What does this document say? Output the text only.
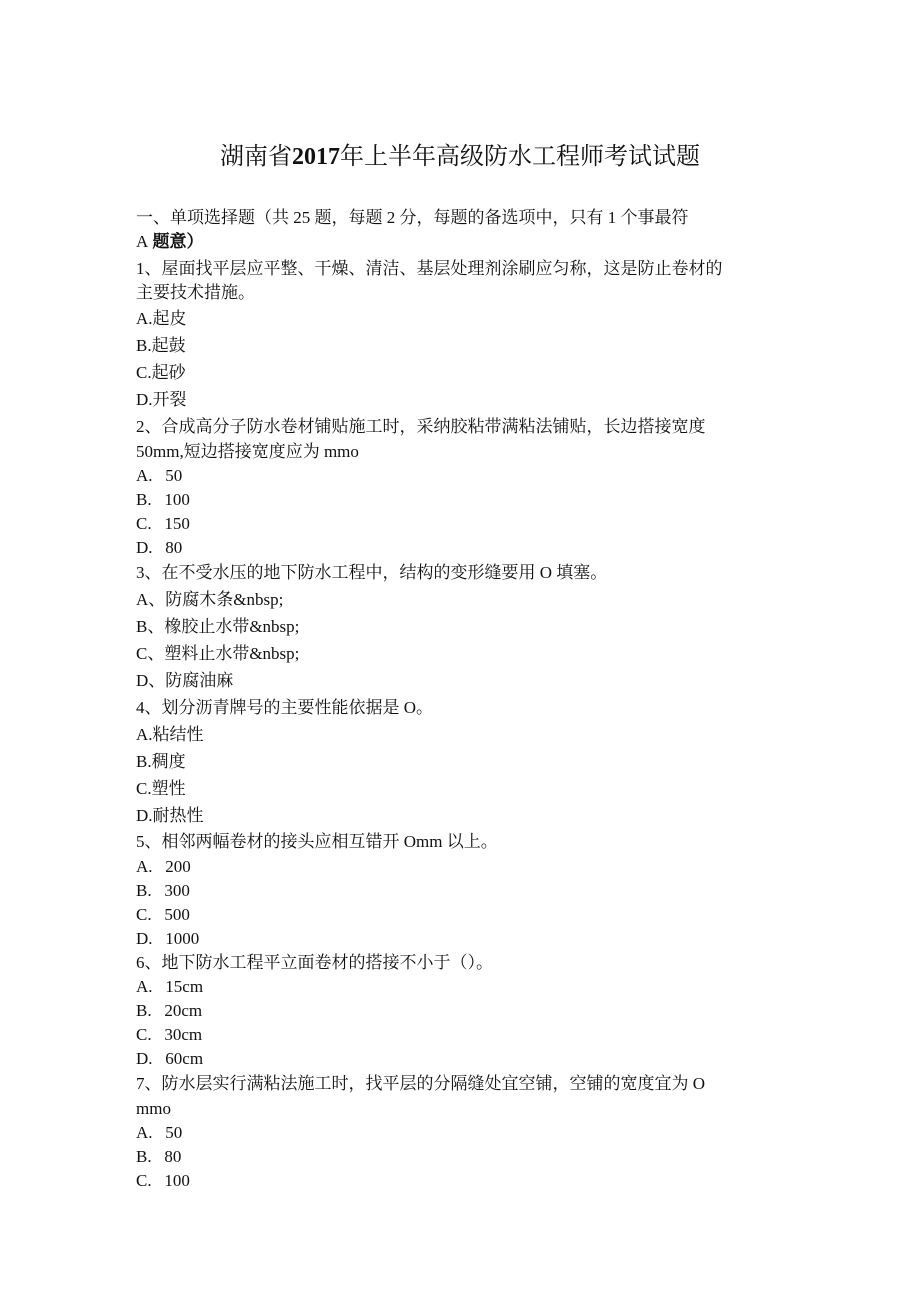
湖南省2017年上半年高级防水工程师考试试题
一、单项选择题（共 25 题，每题 2 分，每题的备选项中，只有 1 个事最符
A 题意）
1、屋面找平层应平整、干燥、清洁、基层处理剂涂刷应匀称，这是防止卷材的
主要技术措施。
A.起皮
B.起鼓
C.起砂
D.开裂
2、合成高分子防水卷材铺贴施工时，采纳胶粘带满粘法铺贴，长边搭接宽度
50mm,短边搭接宽度应为 mmo
A.   50
B.   100
C.   150
D.   80
3、在不受水压的地下防水工程中，结构的变形缝要用 O 填塞。
A、防腐木条&nbsp;
B、橡胶止水带&nbsp;
C、塑料止水带&nbsp;
D、防腐油麻
4、划分沥青牌号的主要性能依据是 O。
A.粘结性
B.稠度
C.塑性
D.耐热性
5、相邻两幅卷材的接头应相互错开 Omm 以上。
A.   200
B.   300
C.   500
D.   1000
6、地下防水工程平立面卷材的搭接不小于（）。
A.   15cm
B.   20cm
C.   30cm
D.   60cm
7、防水层实行满粘法施工时，找平层的分隔缝处宜空铺，空铺的宽度宜为 O
mmo
A.   50
B.   80
C.   100
